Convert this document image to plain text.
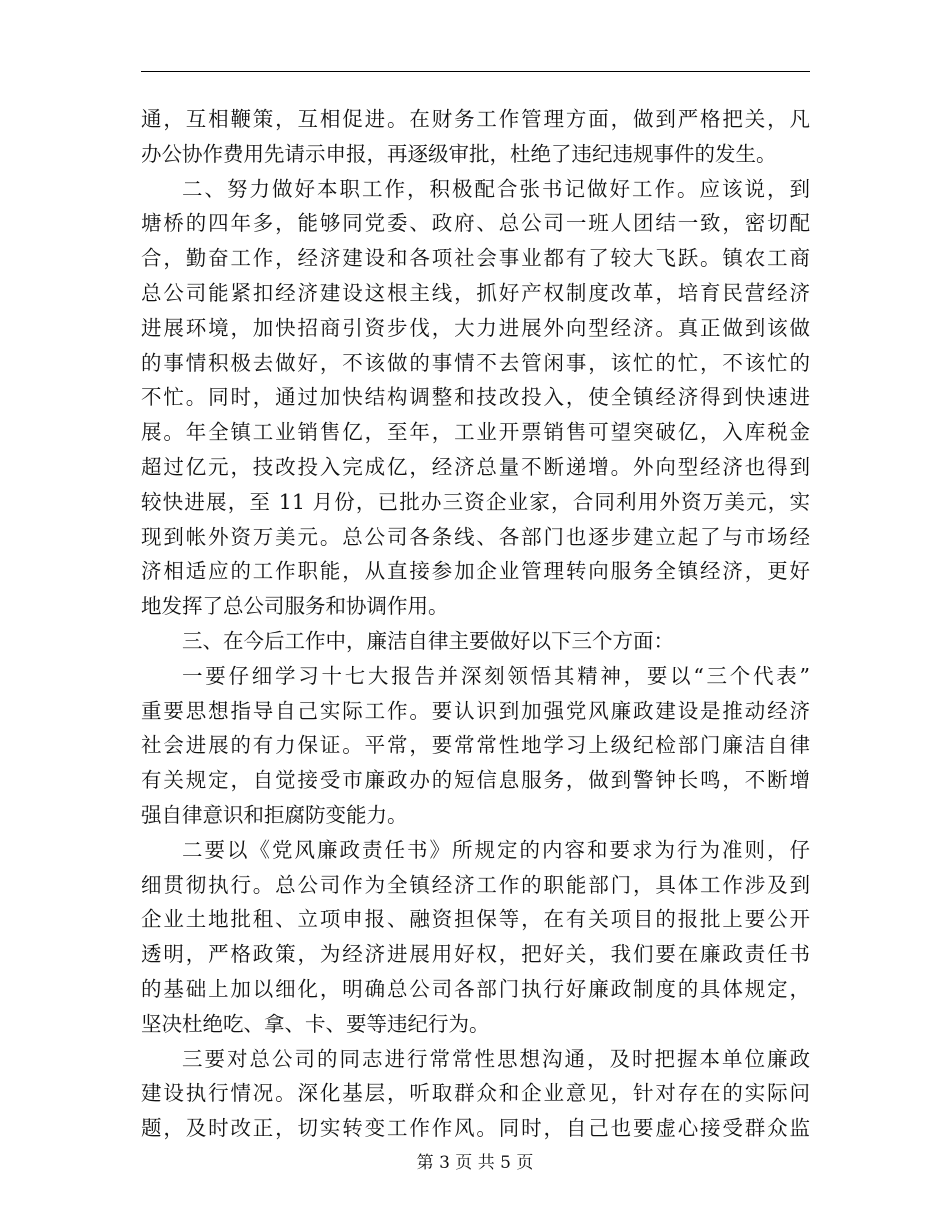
通，互相鞭策，互相促进。在财务工作管理方面，做到严格把关，凡
办公协作费用先请示申报，再逐级审批，杜绝了违纪违规事件的发生。
二、努力做好本职工作，积极配合张书记做好工作。应该说，到
塘桥的四年多，能够同党委、政府、总公司一班人团结一致，密切配
合，勤奋工作，经济建设和各项社会事业都有了较大飞跃。镇农工商
总公司能紧扣经济建设这根主线，抓好产权制度改革，培育民营经济
进展环境，加快招商引资步伐，大力进展外向型经济。真正做到该做
的事情积极去做好，不该做的事情不去管闲事，该忙的忙，不该忙的
不忙。同时，通过加快结构调整和技改投入，使全镇经济得到快速进
展。年全镇工业销售亿，至年，工业开票销售可望突破亿，入库税金
超过亿元，技改投入完成亿，经济总量不断递增。外向型经济也得到
较快进展，至 11 月份，已批办三资企业家，合同利用外资万美元，实
现到帐外资万美元。总公司各条线、各部门也逐步建立起了与市场经
济相适应的工作职能，从直接参加企业管理转向服务全镇经济，更好
地发挥了总公司服务和协调作用。
三、在今后工作中，廉洁自律主要做好以下三个方面：
一要仔细学习十七大报告并深刻领悟其精神，要以“三个代表”
重要思想指导自己实际工作。要认识到加强党风廉政建设是推动经济
社会进展的有力保证。平常，要常常性地学习上级纪检部门廉洁自律
有关规定，自觉接受市廉政办的短信息服务，做到警钟长鸣，不断增
强自律意识和拒腐防变能力。
二要以《党风廉政责任书》所规定的内容和要求为行为准则，仔
细贯彻执行。总公司作为全镇经济工作的职能部门，具体工作涉及到
企业土地批租、立项申报、融资担保等，在有关项目的报批上要公开
透明，严格政策，为经济进展用好权，把好关，我们要在廉政责任书
的基础上加以细化，明确总公司各部门执行好廉政制度的具体规定，
坚决杜绝吃、拿、卡、要等违纪行为。
三要对总公司的同志进行常常性思想沟通，及时把握本单位廉政
建设执行情况。深化基层，听取群众和企业意见，针对存在的实际问
题，及时改正，切实转变工作作风。同时，自己也要虚心接受群众监
第 3 页 共 5 页
